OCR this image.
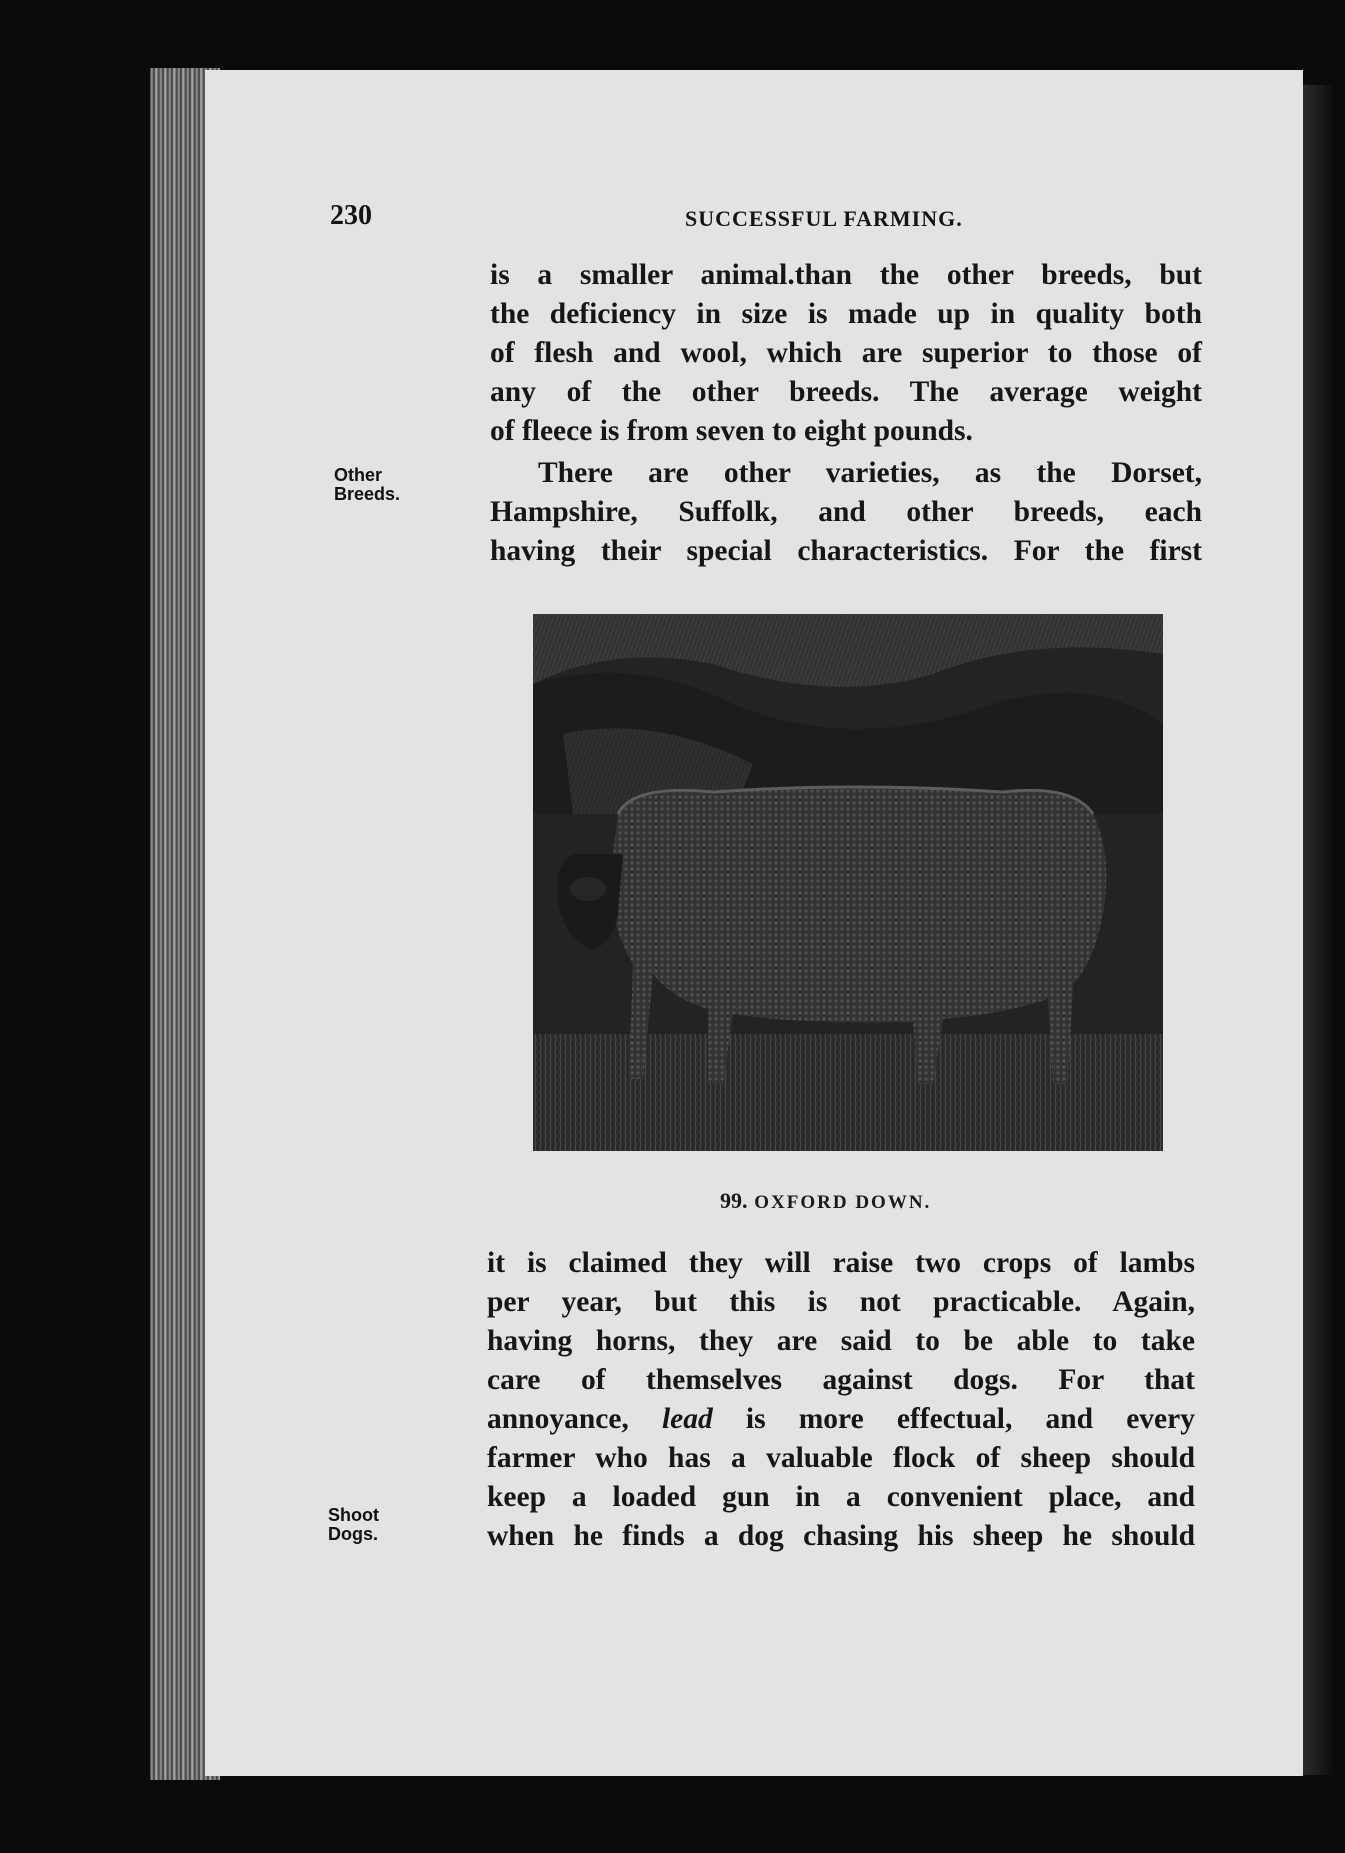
230	SUCCESSFUL FARMING.
is a smaller animal.than the other breeds, but
the deficiency in size is made up in quality both
of flesh and wool, which are superior to those of
any of the other breeds. The average weight
of fleece is from seven to eight pounds.
Other
Breeds.
There are other varieties, as the Dorset,
Hampshire, Suffolk, and other breeds, each
having their special characteristics. For the first
99. OXFORD DOWN.
it is claimed they will raise two crops of lambs
per year, but this is not practicable. Again,
having horns, they are said to be able to take
care of themselves against dogs. For that
annoyance, lead is more effectual, and every
farmer who has a valuable flock of sheep should
keep a loaded gun in a convenient place, and
when he finds a dog chasing his sheep he should
Shoot
Dogs.
